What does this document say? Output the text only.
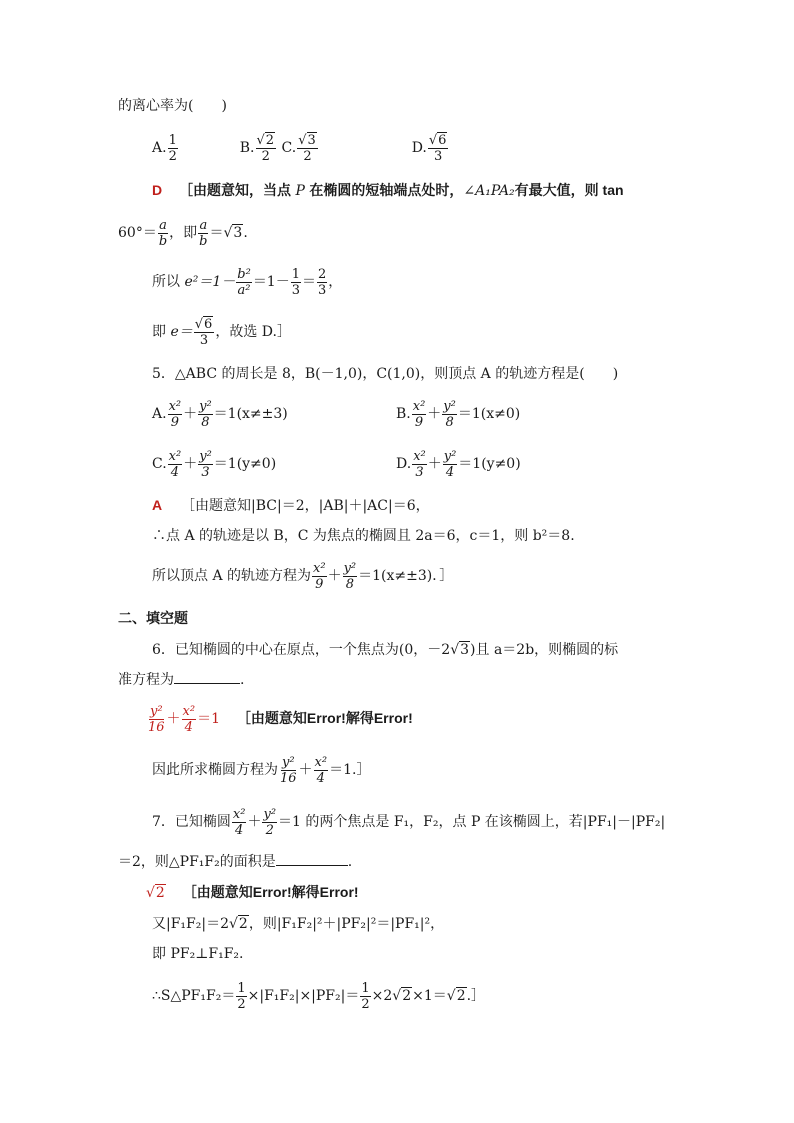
的离心率为(　　)
A. $\frac{1}{2}$	B. $\frac{√2}{2} C$. $\frac{√3}{2}$	D. $\frac{√6}{3}$
D ［由题意知，当点 P 在椭圆的短轴端点处时，∠A₁PA₂有最大值，则 tan
$60^\circ= \frac{a}{b}$ ，即 $\frac{a}{b} =√3$.
所以 $e^2=1- \frac{\text{b²}}{\text{a²}} =1- \frac{1}{3} = \frac{2}{3}$ ，
即 $e= \frac{√6}{3}$ ，故选 D.］
5．△ABC 的周长是 8，B(－1,0)，C(1,0)，则顶点 A 的轨迹方程是(　　)
A. $\frac{\text{x²}}{9} + \frac{\text{y²}}{8} =1(x\ne\pm 3)$	B. $\frac{\text{x²}}{9} + \frac{\text{y²}}{8} =1(x\ne 0)$
C. $\frac{\text{x²}}{4} + \frac{\text{y²}}{3} =1(y\ne 0)$	D. $\frac{\text{x²}}{3} + \frac{\text{y²}}{4} =1(y\ne 0)$
A ［由题意知|BC|＝2，|AB|＋|AC|＝6，
∴点 A 的轨迹是以 B，C 为焦点的椭圆且 2a＝6，c＝1，则 b²＝8.
所以顶点 A 的轨迹方程为 $\frac{\text{x²}}{9} + \frac{\text{y²}}{8} =1(x\ne\pm 3)$．］
二、填空题
6．已知椭圆的中心在原点，一个焦点为(0，－2√3)且 a＝2b，则椭圆的标
准方程为	.
$\frac{\text{y²}}{16} + \frac{\text{x²}}{4} =1$ ［由题意知Error!解得Error!
因此所求椭圆方程为 $\frac{\text{y²}}{16} + \frac{\text{x²}}{4}$ ＝1.］
7．已知椭圆 $\frac{\text{x²}}{4} + \frac{\text{y²}}{2} =1$ 的两个焦点是 F₁，F₂，点 P 在该椭圆上，若|PF₁|－|PF₂|
＝2，则△PF₁F₂的面积是	.
√2 ［由题意知Error!解得Error!
又|F₁F₂|＝2√2，则|F₁F₂|²＋|PF₂|²＝|PF₁|²，
即 PF₂⊥F₁F₂.
∴S△PF₁F₂＝ $\frac{1}{2} \times|F_1F_2|\times|PF_2|= \frac{1}{2}$ ×2√2×1＝√2.］
